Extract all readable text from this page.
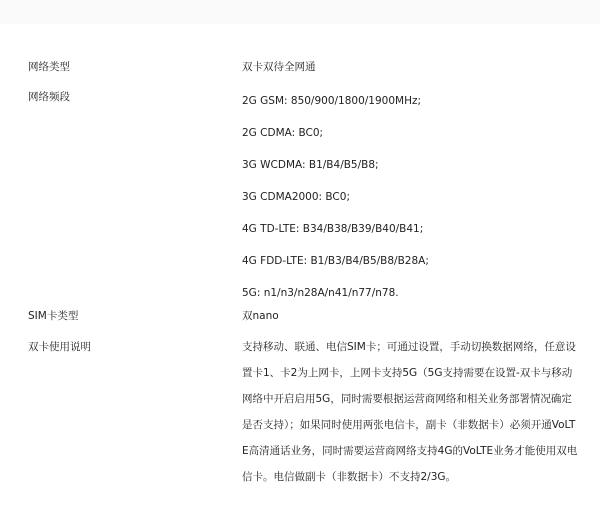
网络类型	双卡双待全网通
网络频段	2G GSM: 850/900/1800/1900MHz;
2G CDMA: BC0;
3G WCDMA: B1/B4/B5/B8;
3G CDMA2000: BC0;
4G TD-LTE: B34/B38/B39/B40/B41;
4G FDD-LTE: B1/B3/B4/B5/B8/B28A;
5G: n1/n3/n28A/n41/n77/n78.
SIM卡类型	双nano
双卡使用说明	支持移动、联通、电信SIM卡；可通过设置，手动切换数据网络，任意设置卡1、卡2为上网卡，上网卡支持5G（5G支持需要在设置-双卡与移动网络中开启启用5G，同时需要根据运营商网络和相关业务部署情况确定是否支持）；如果同时使用两张电信卡，副卡（非数据卡）必须开通VoLTE高清通话业务，同时需要运营商网络支持4G的VoLTE业务才能使用双电信卡。电信做副卡（非数据卡）不支持2/3G。
